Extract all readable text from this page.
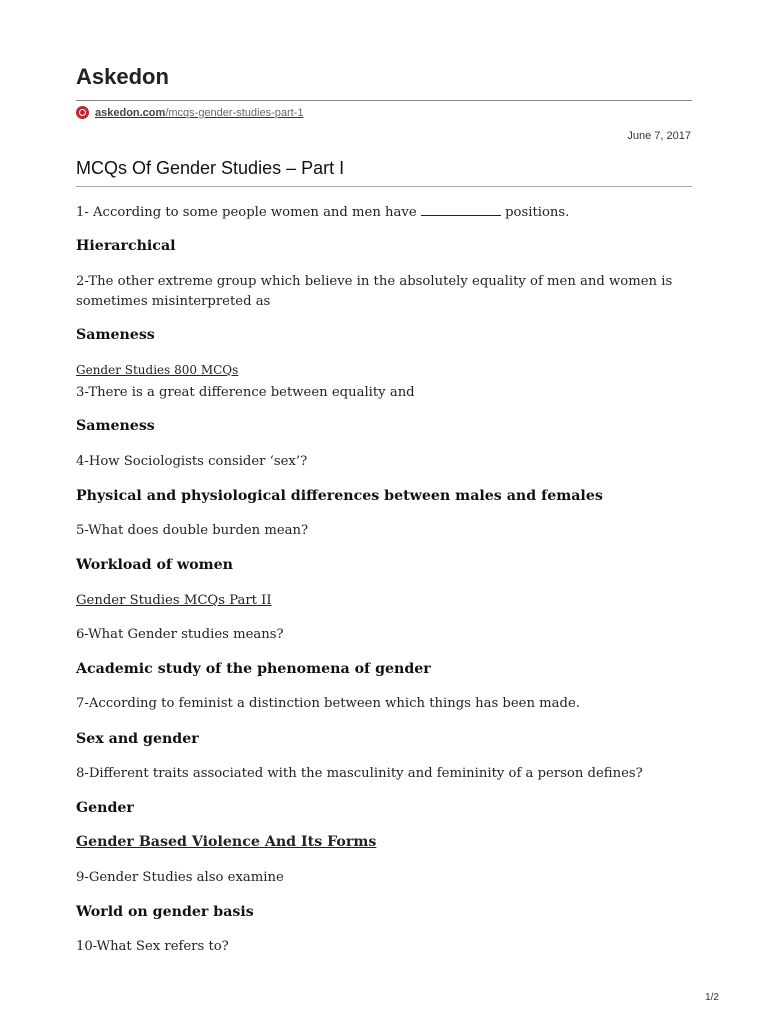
Askedon
askedon.com/mcqs-gender-studies-part-1
June 7, 2017
MCQs Of Gender Studies – Part I

1- According to some people women and men have	positions.

Hierarchical

2-The other extreme group which believe in the absolutely equality of men and women is sometimes misinterpreted as

Sameness

Gender Studies 800 MCQs

3-There is a great difference between equality and

Sameness

4-How Sociologists consider ‘sex’?

Physical and physiological differences between males and females

5-What does double burden mean?

Workload of women

Gender Studies MCQs Part II

6-What Gender studies means?

Academic study of the phenomena of gender

7-According to feminist a distinction between which things has been made.

Sex and gender

8-Different traits associated with the masculinity and femininity of a person defines?

Gender

Gender Based Violence And Its Forms

9-Gender Studies also examine

World on gender basis

10-What Sex refers to?

1/2
